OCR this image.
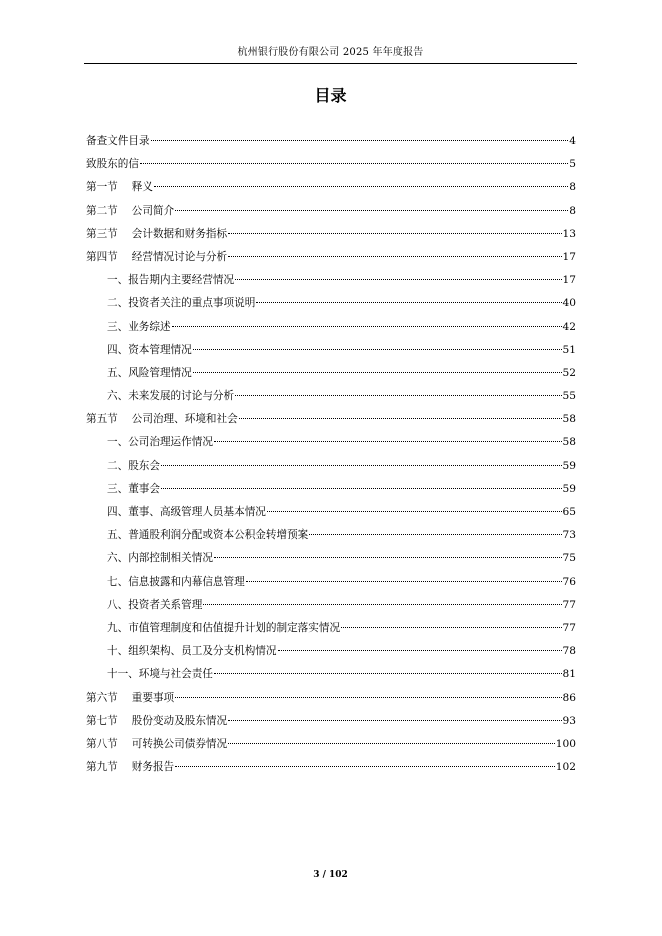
杭州银行股份有限公司 2025 年年度报告
目录
备查文件目录	4
致股东的信	5
第一节 释义	8
第二节 公司简介	8
第三节 会计数据和财务指标	13
第四节 经营情况讨论与分析	17
一、 报告期内主要经营情况	17
二、 投资者关注的重点事项说明	40
三、 业务综述	42
四、 资本管理情况	51
五、 风险管理情况	52
六、 未来发展的讨论与分析	55
第五节 公司治理、环境和社会	58
一、 公司治理运作情况	58
二、 股东会	59
三、 董事会	59
四、 董事、高级管理人员基本情况	65
五、 普通股利润分配或资本公积金转增预案	73
六、 内部控制相关情况	75
七、 信息披露和内幕信息管理	76
八、 投资者关系管理	77
九、 市值管理制度和估值提升计划的制定落实情况	77
十、 组织架构、员工及分支机构情况	78
十一、 环境与社会责任	81
第六节 重要事项	86
第七节 股份变动及股东情况	93
第八节 可转换公司债券情况	100
第九节 财务报告	102
3 / 102
